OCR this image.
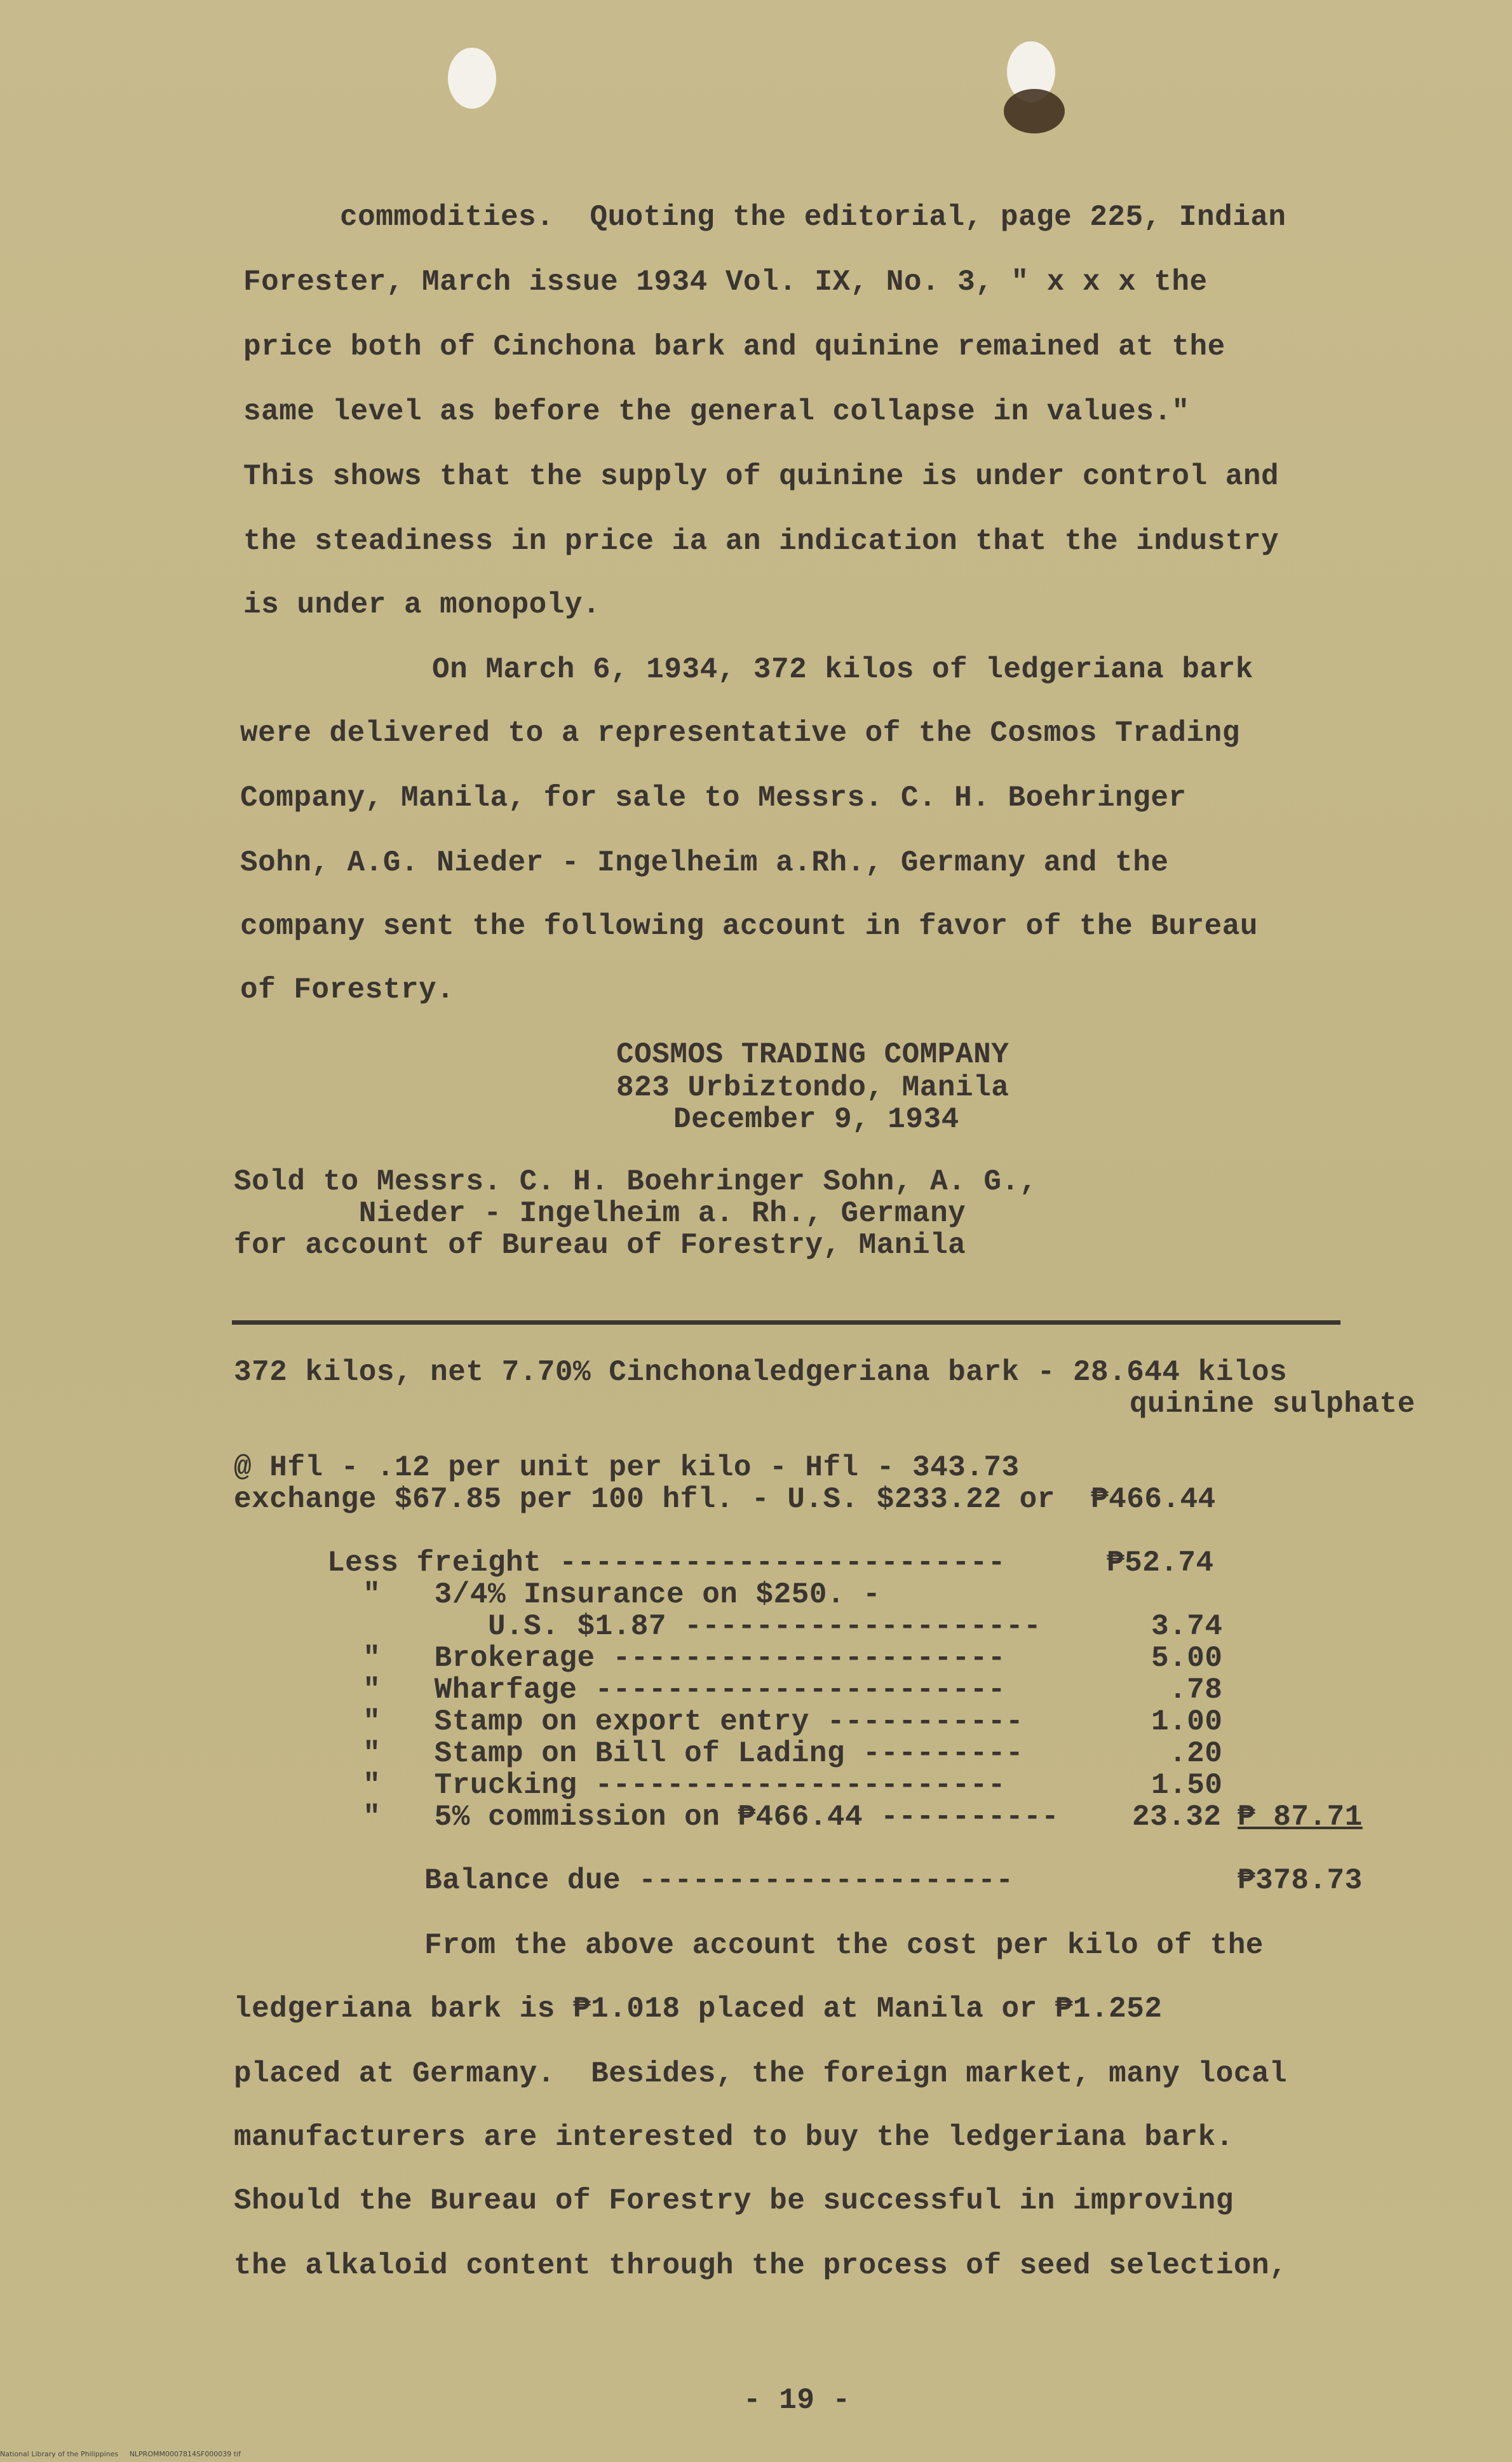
commodities.  Quoting the editorial, page 225, Indian

Forester, March issue 1934 Vol. IX, No. 3, " x x x the

price both of Cinchona bark and quinine remained at the

same level as before the general collapse in values."

This shows that the supply of quinine is under control and

the steadiness in price ia an indication that the industry

is under a monopoly.

On March 6, 1934, 372 kilos of ledgeriana bark

were delivered to a representative of the Cosmos Trading

Company, Manila, for sale to Messrs. C. H. Boehringer

Sohn, A.G. Nieder - Ingelheim a.Rh., Germany and the

company sent the following account in favor of the Bureau

of Forestry.

COSMOS TRADING COMPANY

823 Urbiztondo, Manila

December 9, 1934

Sold to Messrs. C. H. Boehringer Sohn, A. G.,

Nieder - Ingelheim a. Rh., Germany

for account of Bureau of Forestry, Manila

372 kilos, net 7.70% Cinchonaledgeriana bark - 28.644 kilos

quinine sulphate

@ Hfl - .12 per unit per kilo - Hfl - 343.73

exchange $67.85 per 100 hfl. - U.S. $233.22 or  ₱466.44

Less freight -------------------------	₱52.74

"   3/4% Insurance on $250. -

U.S. $1.87 --------------------	3.74

"   Brokerage ----------------------	5.00

"   Wharfage -----------------------	.78

"   Stamp on export entry -----------	1.00

"   Stamp on Bill of Lading ---------	.20

"   Trucking -----------------------	1.50

"   5% commission on ₱466.44 ---------- 23.32 ₱ 87.71

Balance due ---------------------	₱378.73

From the above account the cost per kilo of the

ledgeriana bark is ₱1.018 placed at Manila or ₱1.252

placed at Germany.  Besides, the foreign market, many local

manufacturers are interested to buy the ledgeriana bark.

Should the Bureau of Forestry be successful in improving

the alkaloid content through the process of seed selection,

- 19 -

National Library of the Philippines     NLPROMM0007814SF000039 tif
